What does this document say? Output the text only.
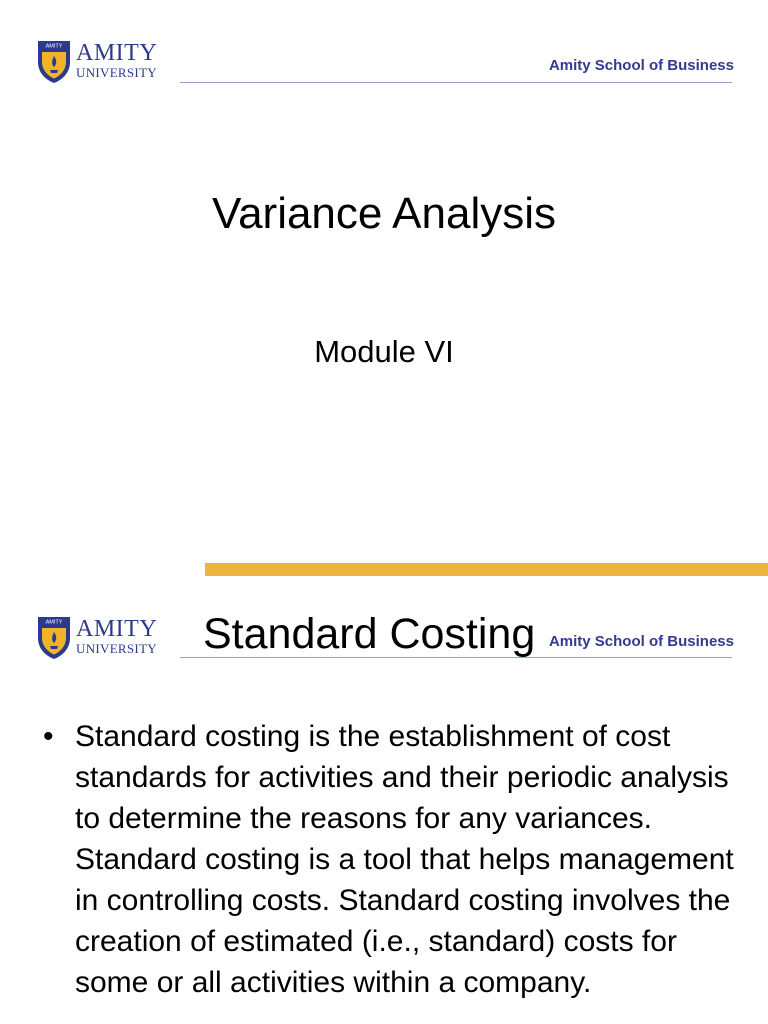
AMITY AMITY
UNIVERSITY	Amity School of Business
Variance Analysis
Module VI
AMITY AMITY
UNIVERSITY	Amity School of Business
Standard Costing
• Standard costing is the establishment of cost standards for activities and their periodic analysis to determine the reasons for any variances. Standard costing is a tool that helps management in controlling costs. Standard costing involves the creation of estimated (i.e., standard) costs for some or all activities within a company.
